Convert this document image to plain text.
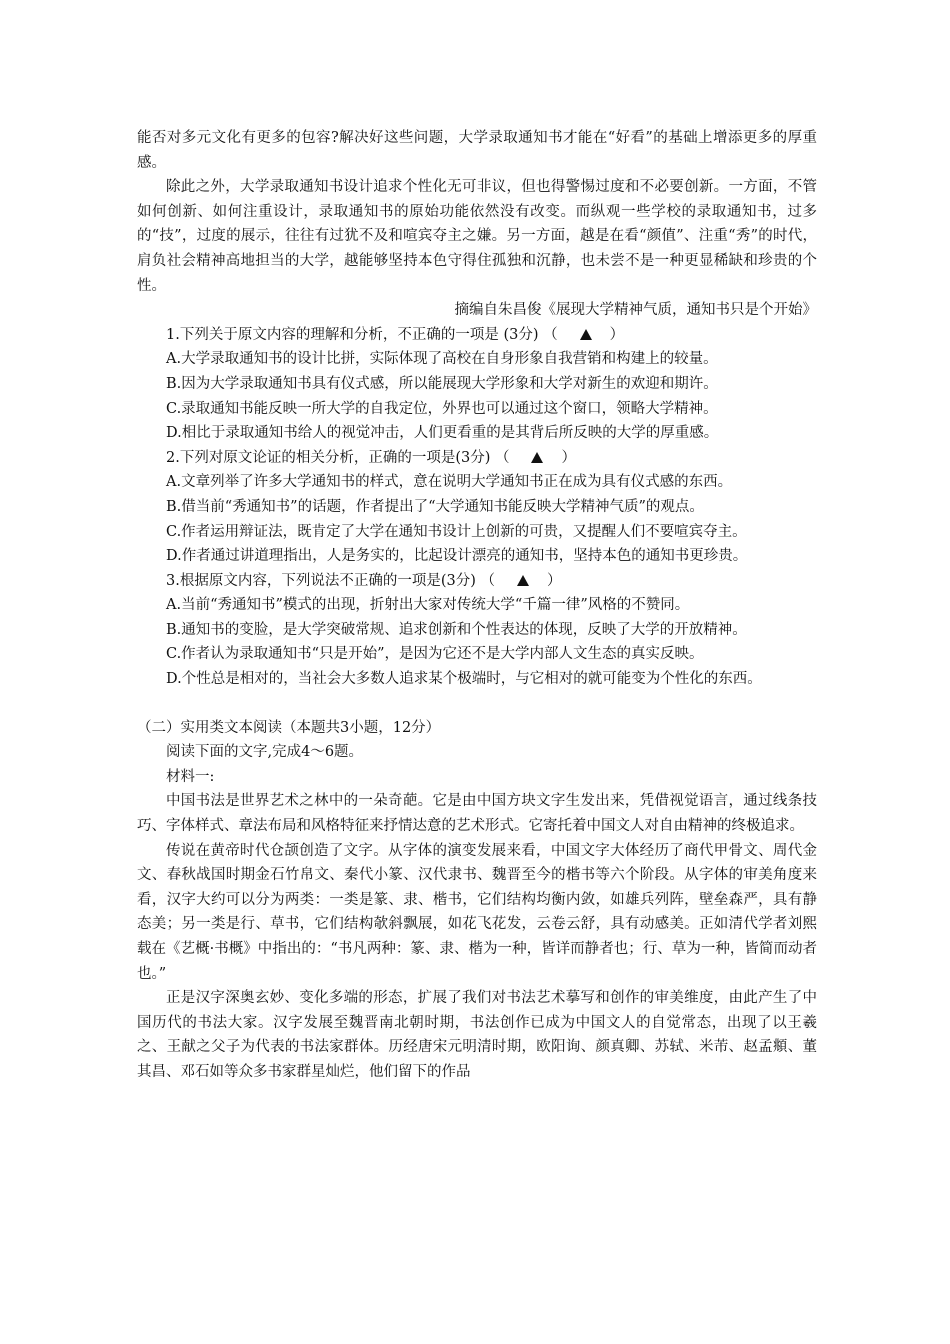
能否对多元文化有更多的包容?解决好这些问题，大学录取通知书才能在“好看”的基础上增添更多的厚重感。

除此之外，大学录取通知书设计追求个性化无可非议，但也得警惕过度和不必要创新。一方面，不管如何创新、如何注重设计，录取通知书的原始功能依然没有改变。而纵观一些学校的录取通知书，过多的“技”，过度的展示，往往有过犹不及和喧宾夺主之嫌。另一方面，越是在看“颜值”、注重“秀”的时代，肩负社会精神高地担当的大学，越能够坚持本色守得住孤独和沉静，也未尝不是一种更显稀缺和珍贵的个性。

摘编自朱昌俊《展现大学精神气质，通知书只是个开始》

1.下列关于原文内容的理解和分析，不正确的一项是 (3分) （	）

A.大学录取通知书的设计比拼，实际体现了高校在自身形象自我营销和构建上的较量。

B.因为大学录取通知书具有仪式感，所以能展现大学形象和大学对新生的欢迎和期许。

C.录取通知书能反映一所大学的自我定位，外界也可以通过这个窗口，领略大学精神。

D.相比于录取通知书给人的视觉冲击，人们更看重的是其背后所反映的大学的厚重感。

2.下列对原文论证的相关分析，正确的一项是(3分) （	）

A.文章列举了许多大学通知书的样式，意在说明大学通知书正在成为具有仪式感的东西。

B.借当前“秀通知书”的话题，作者提出了“大学通知书能反映大学精神气质”的观点。

C.作者运用辩证法，既肯定了大学在通知书设计上创新的可贵，又提醒人们不要喧宾夺主。

D.作者通过讲道理指出，人是务实的，比起设计漂亮的通知书，坚持本色的通知书更珍贵。

3.根据原文内容，下列说法不正确的一项是(3分) （	）

A.当前“秀通知书”模式的出现，折射出大家对传统大学“千篇一律”风格的不赞同。

B.通知书的变脸，是大学突破常规、追求创新和个性表达的体现，反映了大学的开放精神。

C.作者认为录取通知书“只是开始”，是因为它还不是大学内部人文生态的真实反映。

D.个性总是相对的，当社会大多数人追求某个极端时，与它相对的就可能变为个性化的东西。

（二）实用类文本阅读（本题共3小题，12分）

阅读下面的文字,完成4～6题。

材料一:

中国书法是世界艺术之林中的一朵奇葩。它是由中国方块文字生发出来，凭借视觉语言，通过线条技巧、字体样式、章法布局和风格特征来抒情达意的艺术形式。它寄托着中国文人对自由精神的终极追求。

传说在黄帝时代仓颉创造了文字。从字体的演变发展来看，中国文字大体经历了商代甲骨文、周代金文、春秋战国时期金石竹帛文、秦代小篆、汉代隶书、魏晋至今的楷书等六个阶段。从字体的审美角度来看，汉字大约可以分为两类：一类是篆、隶、楷书，它们结构均衡内敛，如雄兵列阵，壁垒森严，具有静态美；另一类是行、草书，它们结构欹斜飘展，如花飞花发，云卷云舒，具有动感美。正如清代学者刘熙载在《艺概·书概》中指出的：“书凡两种：篆、隶、楷为一种，皆详而静者也；行、草为一种，皆简而动者也。”

正是汉字深奥玄妙、变化多端的形态，扩展了我们对书法艺术摹写和创作的审美维度，由此产生了中国历代的书法大家。汉字发展至魏晋南北朝时期，书法创作已成为中国文人的自觉常态，出现了以王羲之、王献之父子为代表的书法家群体。历经唐宋元明清时期，欧阳询、颜真卿、苏轼、米芾、赵孟頫、董其昌、邓石如等众多书家群星灿烂，他们留下的作品
